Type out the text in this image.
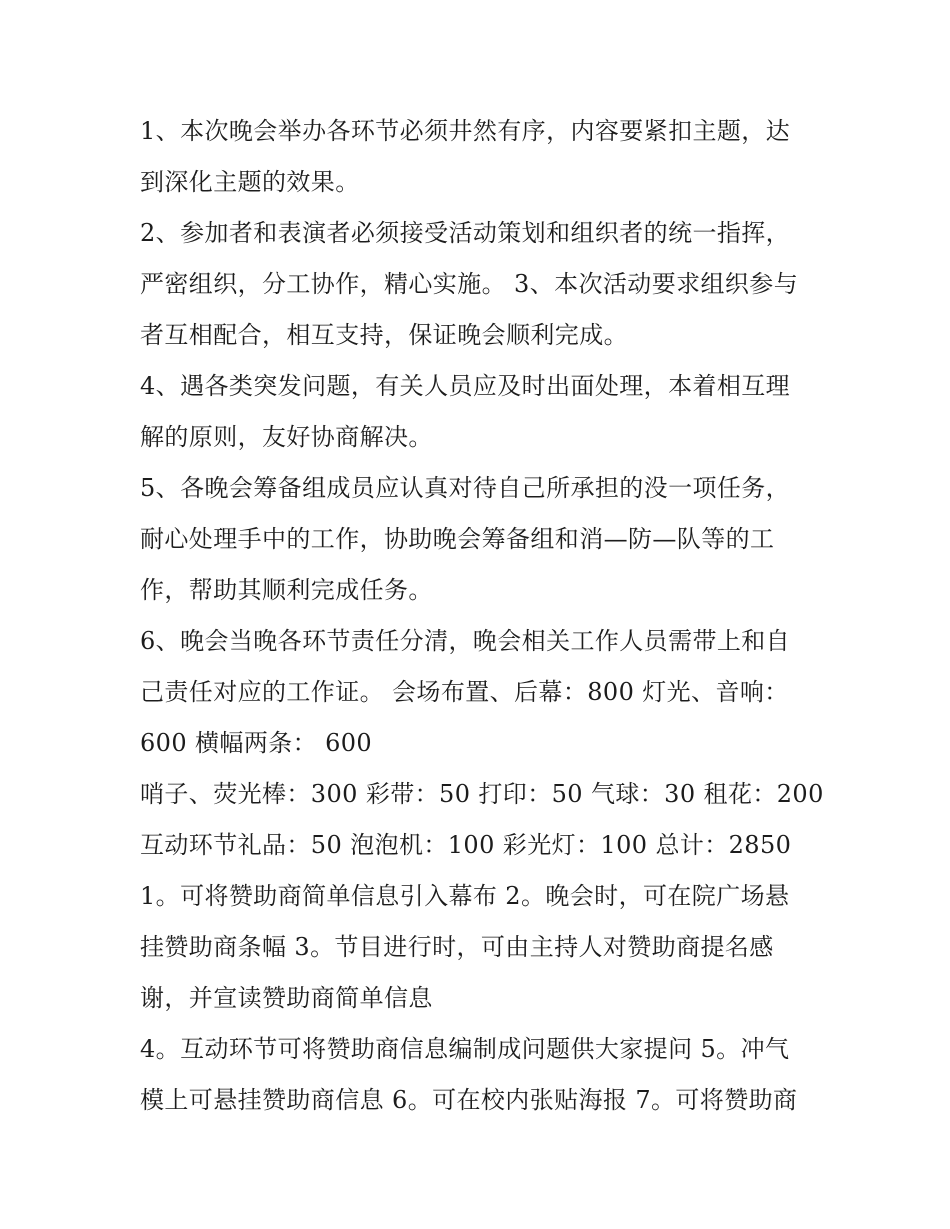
1、本次晚会举办各环节必须井然有序，内容要紧扣主题，达
到深化主题的效果。
2、参加者和表演者必须接受活动策划和组织者的统一指挥，
严密组织，分工协作，精心实施。 3、本次活动要求组织参与
者互相配合，相互支持，保证晚会顺利完成。
4、遇各类突发问题，有关人员应及时出面处理，本着相互理
解的原则，友好协商解决。
5、各晚会筹备组成员应认真对待自己所承担的没一项任务，
耐心处理手中的工作，协助晚会筹备组和消—防—队等的工
作，帮助其顺利完成任务。
6、晚会当晚各环节责任分清，晚会相关工作人员需带上和自
己责任对应的工作证。 会场布置、后幕：800 灯光、音响：
600 横幅两条： 600
哨子、荧光棒：300 彩带：50 打印：50 气球：30 租花：200
互动环节礼品：50 泡泡机：100 彩光灯：100 总计：2850
1。可将赞助商简单信息引入幕布 2。晚会时，可在院广场悬
挂赞助商条幅 3。节目进行时，可由主持人对赞助商提名感
谢，并宣读赞助商简单信息
4。互动环节可将赞助商信息编制成问题供大家提问 5。冲气
模上可悬挂赞助商信息 6。可在校内张贴海报 7。可将赞助商
